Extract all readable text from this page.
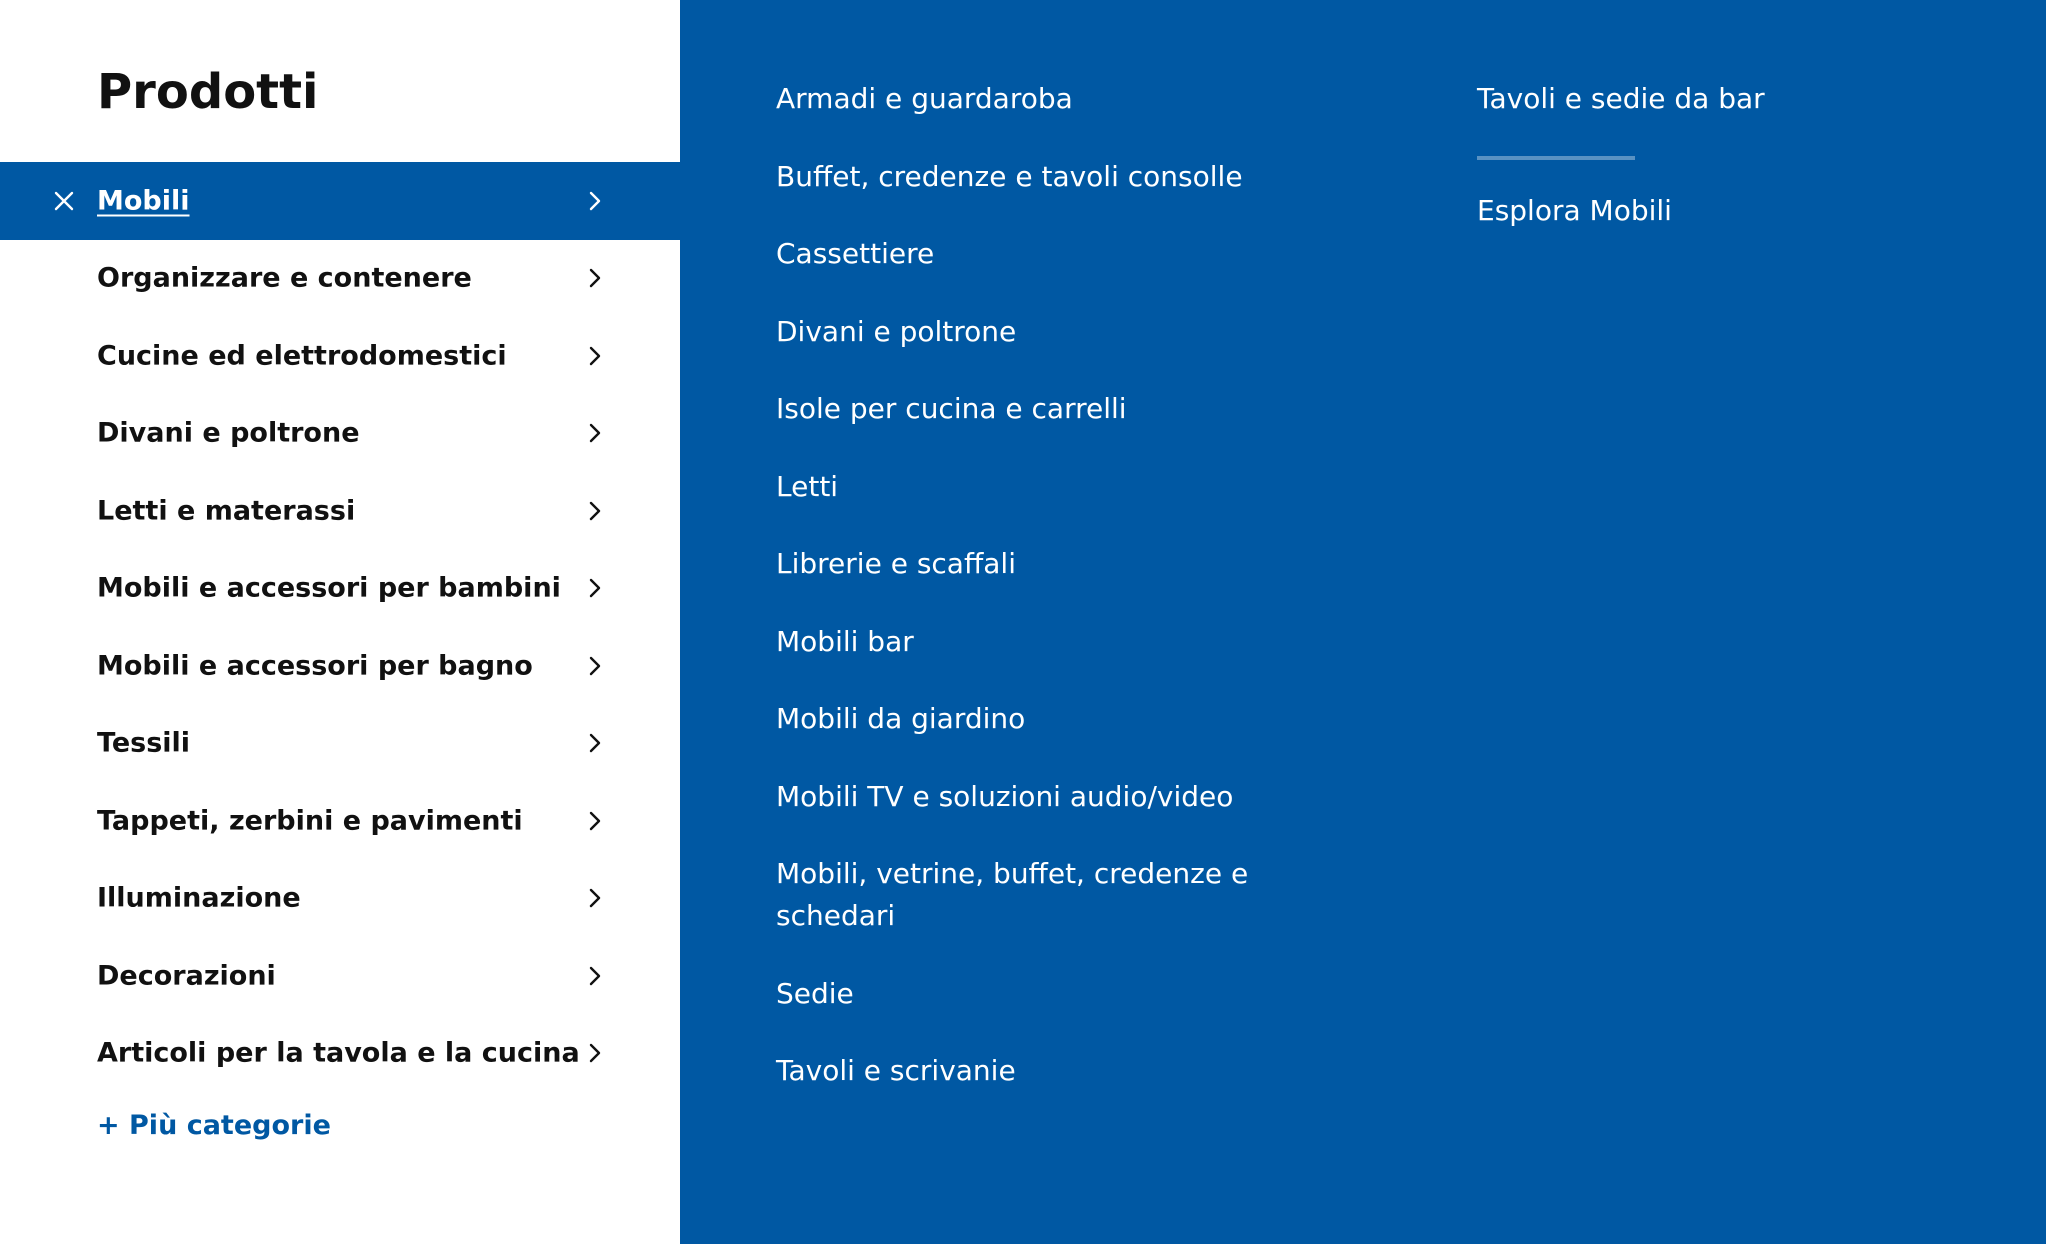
Prodotti
Mobili
Organizzare e contenere
Cucine ed elettrodomestici
Divani e poltrone
Letti e materassi
Mobili e accessori per bambini
Mobili e accessori per bagno
Tessili
Tappeti, zerbini e pavimenti
Illuminazione
Decorazioni
Articoli per la tavola e la cucina
+ Più categorie
Armadi e guardaroba
Buffet, credenze e tavoli consolle
Cassettiere
Divani e poltrone
Isole per cucina e carrelli
Letti
Librerie e scaffali
Mobili bar
Mobili da giardino
Mobili TV e soluzioni audio/video
Mobili, vetrine, buffet, credenze e schedari
Sedie
Tavoli e scrivanie
Tavoli e sedie da bar
Esplora Mobili
